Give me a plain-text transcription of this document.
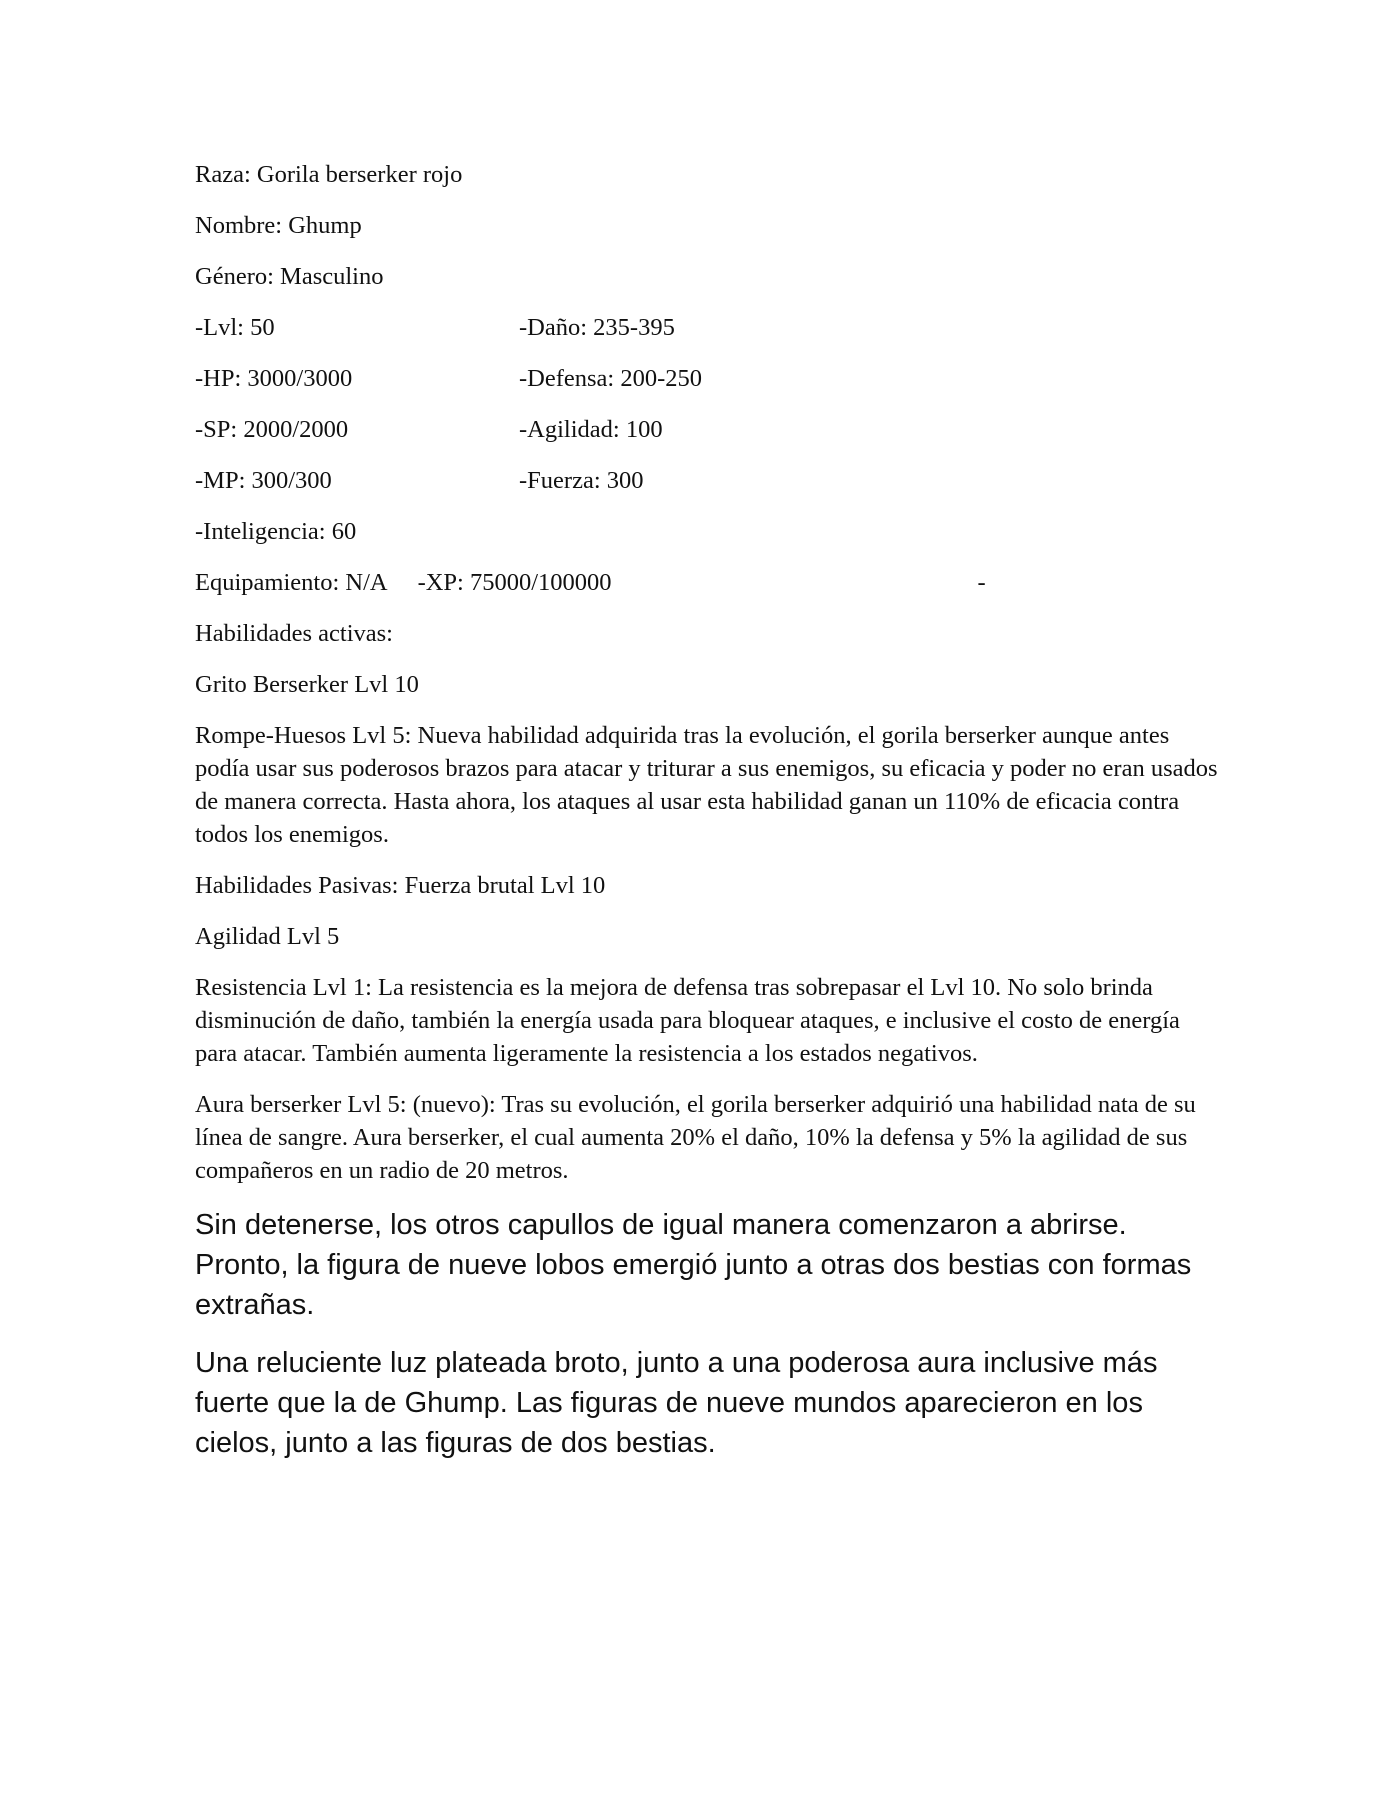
Raza: Gorila berserker rojo

Nombre: Ghump

Género: Masculino

-Lvl: 50	-Daño: 235-395
-HP: 3000/3000	-Defensa: 200-250
-SP: 2000/2000	-Agilidad: 100
-MP: 300/300	-Fuerza: 300
-Inteligencia: 60
Equipamiento: N/A -XP: 75000/100000	-

Habilidades activas:

Grito Berserker Lvl 10

Rompe-Huesos Lvl 5: Nueva habilidad adquirida tras la evolución, el gorila berserker aunque antes podía usar sus poderosos brazos para atacar y triturar a sus enemigos, su eficacia y poder no eran usados de manera correcta. Hasta ahora, los ataques al usar esta habilidad ganan un 110% de eficacia contra todos los enemigos.

Habilidades Pasivas: Fuerza brutal Lvl 10

Agilidad Lvl 5

Resistencia Lvl 1: La resistencia es la mejora de defensa tras sobrepasar el Lvl 10. No solo brinda disminución de daño, también la energía usada para bloquear ataques, e inclusive el costo de energía para atacar. También aumenta ligeramente la resistencia a los estados negativos.

Aura berserker Lvl 5: (nuevo): Tras su evolución, el gorila berserker adquirió una habilidad nata de su línea de sangre. Aura berserker, el cual aumenta 20% el daño, 10% la defensa y 5% la agilidad de sus compañeros en un radio de 20 metros.

Sin detenerse, los otros capullos de igual manera comenzaron a abrirse. Pronto, la figura de nueve lobos emergió junto a otras dos bestias con formas extrañas.

Una reluciente luz plateada broto, junto a una poderosa aura inclusive más fuerte que la de Ghump. Las figuras de nueve mundos aparecieron en los cielos, junto a las figuras de dos bestias.
